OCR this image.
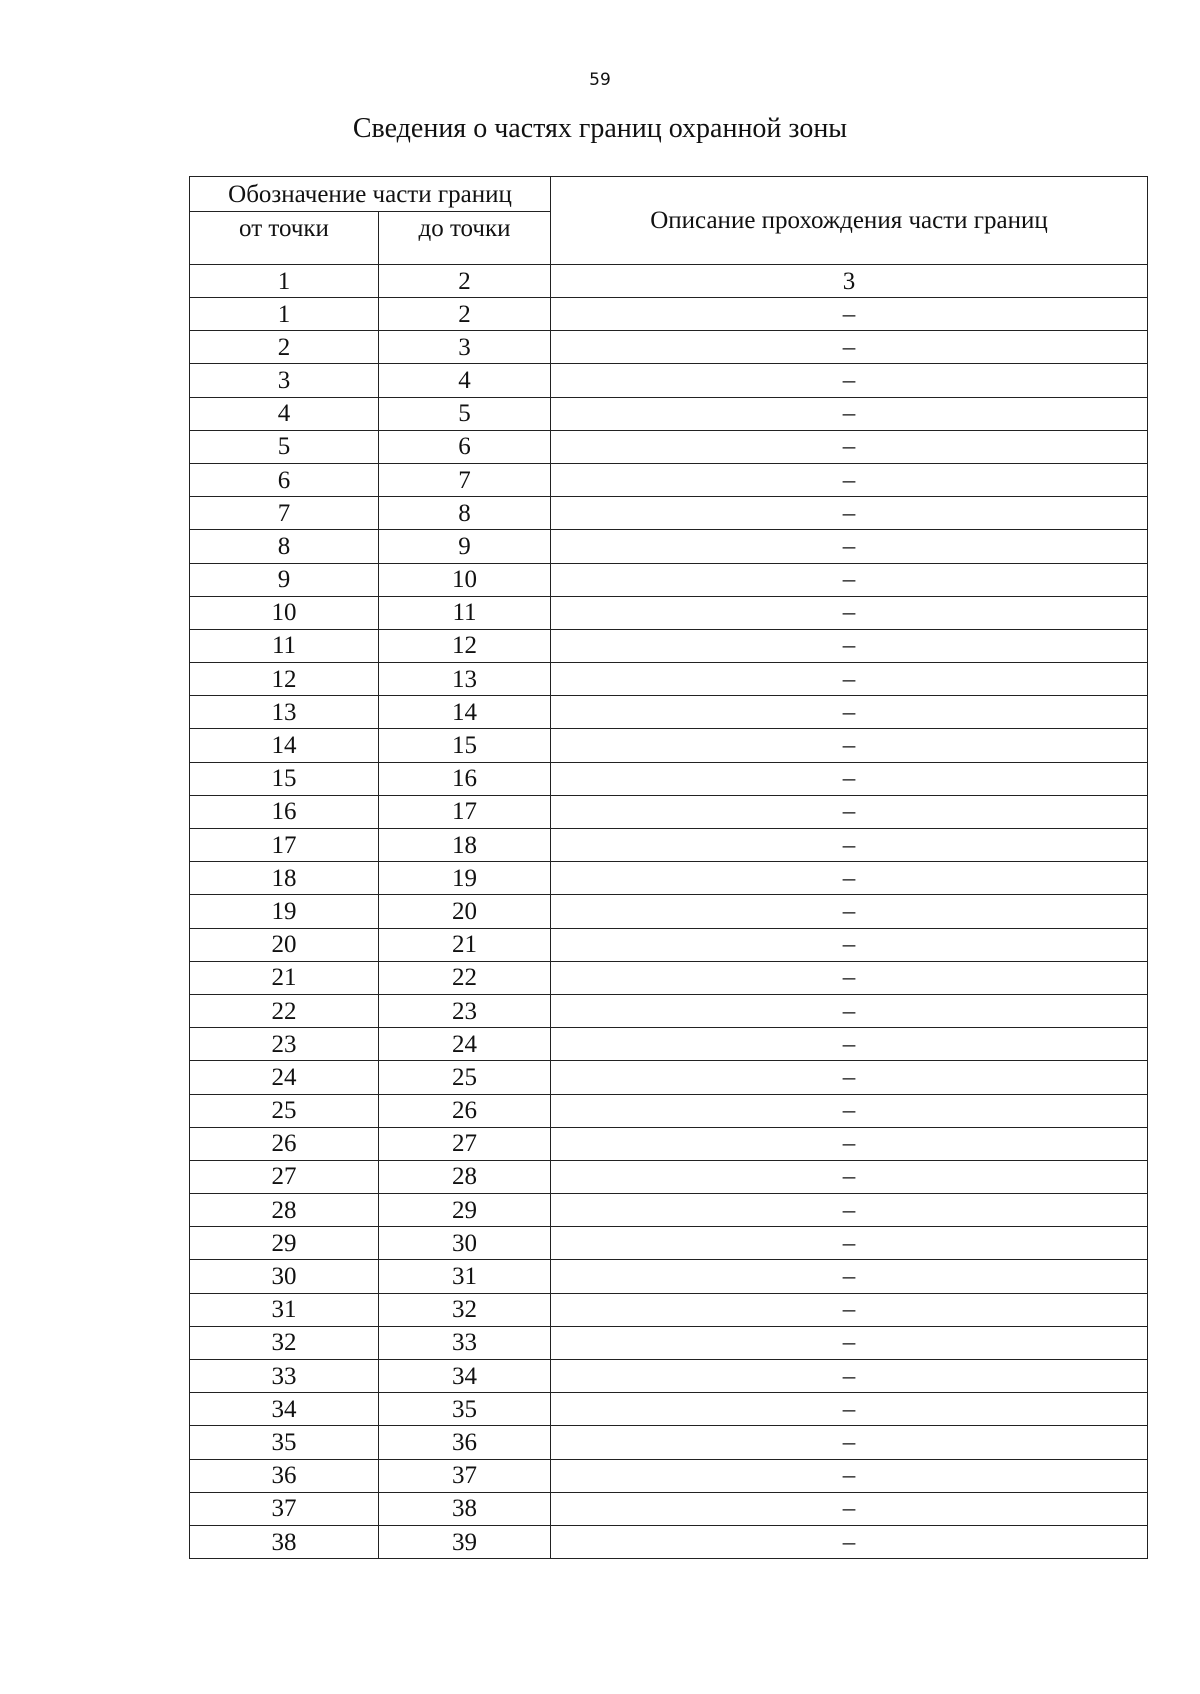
59
Сведения о частях границ охранной зоны
Обозначение части границ		Описание прохождения части границ
от точки	до точки	
1	2	3
1	2	–
2	3	–
3	4	–
4	5	–
5	6	–
6	7	–
7	8	–
8	9	–
9	10	–
10	11	–
11	12	–
12	13	–
13	14	–
14	15	–
15	16	–
16	17	–
17	18	–
18	19	–
19	20	–
20	21	–
21	22	–
22	23	–
23	24	–
24	25	–
25	26	–
26	27	–
27	28	–
28	29	–
29	30	–
30	31	–
31	32	–
32	33	–
33	34	–
34	35	–
35	36	–
36	37	–
37	38	–
38	39	–
